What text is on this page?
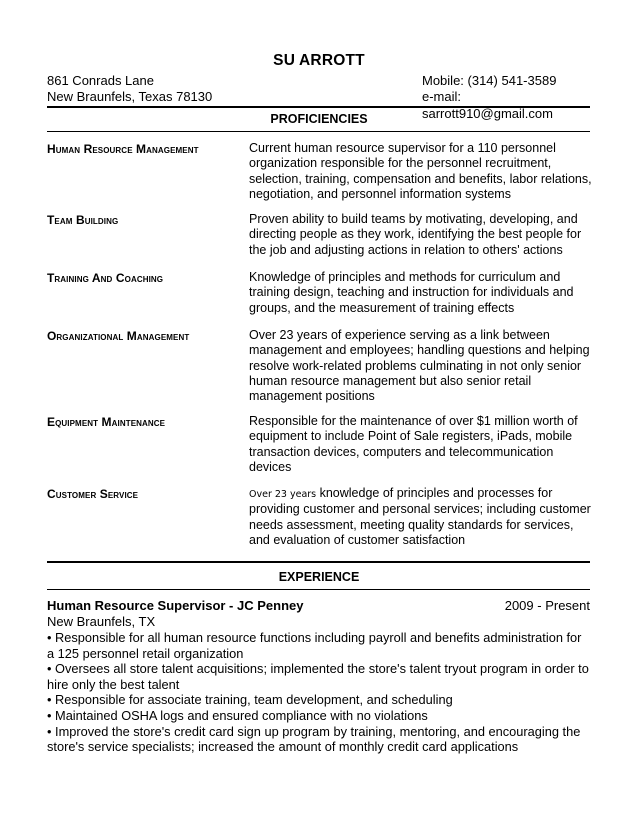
SU ARROTT
861 Conrads Lane	Mobile: (314) 541-3589
New Braunfels, Texas 78130	e-mail: sarrott910@gmail.com
PROFICIENCIES
Human Resource Management	Current human resource supervisor for a 110 personnel organization responsible for the personnel recruitment, selection, training, compensation and benefits, labor relations, negotiation, and personnel information systems
Team Building	Proven ability to build teams by motivating, developing, and directing people as they work, identifying the best people for the job and adjusting actions in relation to others' actions
Training And Coaching	Knowledge of principles and methods for curriculum and training design, teaching and instruction for individuals and groups, and the measurement of training effects
Organizational Management	Over 23 years of experience serving as a link between management and employees; handling questions and helping resolve work-related problems culminating in not only senior human resource management but also senior retail management positions
Equipment Maintenance	Responsible for the maintenance of over $1 million worth of equipment to include Point of Sale registers, iPads, mobile transaction devices, computers and telecommunication devices
Customer Service	Over 23 years knowledge of principles and processes for providing customer and personal services; including customer needs assessment, meeting quality standards for services, and evaluation of customer satisfaction
EXPERIENCE
Human Resource Supervisor - JC Penney	2009 - Present
New Braunfels, TX
• Responsible for all human resource functions including payroll and benefits administration for a 125 personnel retail organization
• Oversees all store talent acquisitions; implemented the store's talent tryout program in order to hire only the best talent
• Responsible for associate training, team development, and scheduling
• Maintained OSHA logs and ensured compliance with no violations
• Improved the store's credit card sign up program by training, mentoring, and encouraging the store's service specialists; increased the amount of monthly credit card applications
